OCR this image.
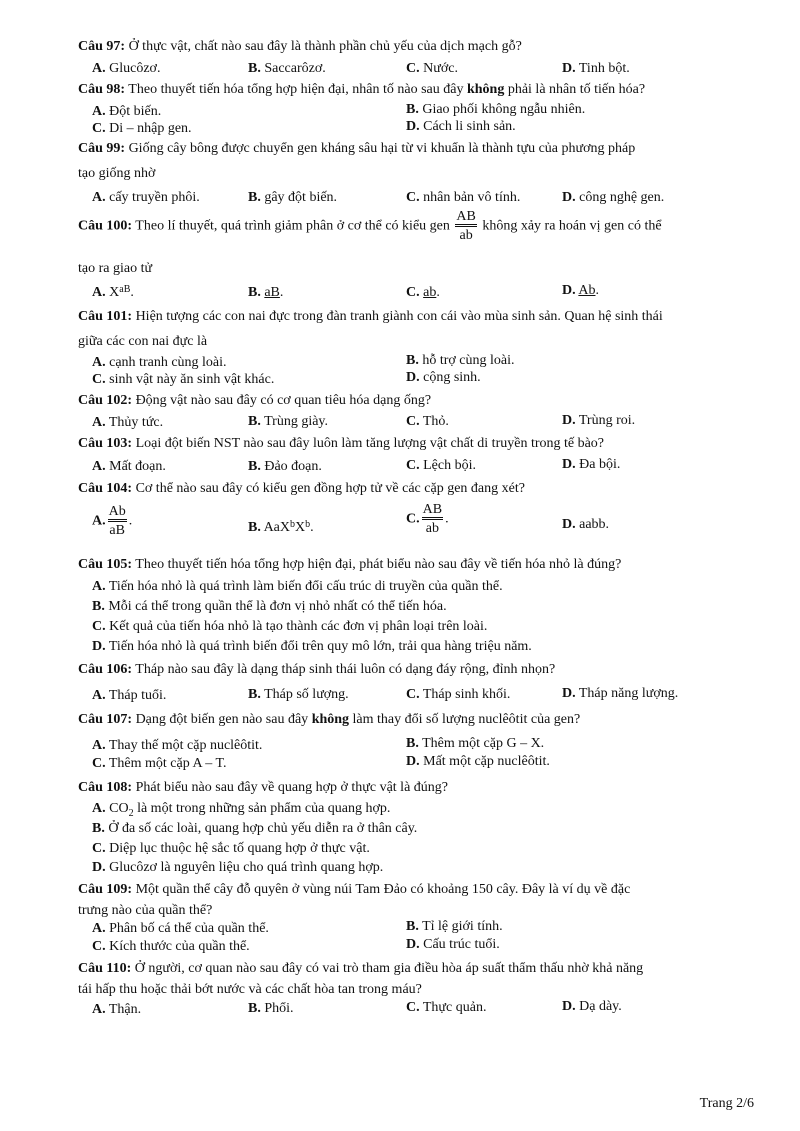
Câu 97: Ở thực vật, chất nào sau đây là thành phần chủ yếu của dịch mạch gỗ?
A. Glucôzơ.	B. Saccarôzơ.	C. Nước.	D. Tinh bột.
Câu 98: Theo thuyết tiến hóa tổng hợp hiện đại, nhân tố nào sau đây không phải là nhân tố tiến hóa?
A. Đột biến.	B. Giao phối không ngẫu nhiên.
C. Di – nhập gen.	D. Cách li sinh sản.
Câu 99: Giống cây bông được chuyển gen kháng sâu hại từ vi khuẩn là thành tựu của phương pháp
tạo giống nhờ
A. cấy truyền phôi.	B. gây đột biến.	C. nhân bản vô tính.	D. công nghệ gen.
Câu 100: Theo lí thuyết, quá trình giảm phân ở cơ thể có kiểu gen $\frac{AB}{ab}$ không xảy ra hoán vị gen có thể
tạo ra giao tử
A. $X^{aB}$.	B. aB.	C. ab.	D. Ab.
Câu 101: Hiện tượng các con nai đực trong đàn tranh giành con cái vào mùa sinh sản. Quan hệ sinh thái
giữa các con nai đực là
A. cạnh tranh cùng loài.	B. hỗ trợ cùng loài.
C. sinh vật này ăn sinh vật khác.	D. cộng sinh.
Câu 102: Động vật nào sau đây có cơ quan tiêu hóa dạng ống?
A. Thủy tức.	B. Trùng giày.	C. Thỏ.	D. Trùng roi.
Câu 103: Loại đột biến NST nào sau đây luôn làm tăng lượng vật chất di truyền trong tế bào?
A. Mất đoạn.	B. Đảo đoạn.	C. Lệch bội.	D. Đa bội.
Câu 104: Cơ thể nào sau đây có kiểu gen đồng hợp tử về các cặp gen đang xét?
A. $\frac{Ab}{aB}$ .	B. $AaX^bX^b$.
C. $\frac{AB}{ab}$ .	D. aabb.
Câu 105: Theo thuyết tiến hóa tổng hợp hiện đại, phát biểu nào sau đây về tiến hóa nhỏ là đúng?
A. Tiến hóa nhỏ là quá trình làm biến đổi cấu trúc di truyền của quần thể.
B. Mỗi cá thể trong quần thể là đơn vị nhỏ nhất có thể tiến hóa.
C. Kết quả của tiến hóa nhỏ là tạo thành các đơn vị phân loại trên loài.
D. Tiến hóa nhỏ là quá trình biến đổi trên quy mô lớn, trải qua hàng triệu năm.
Câu 106: Tháp nào sau đây là dạng tháp sinh thái luôn có dạng đáy rộng, đỉnh nhọn?
A. Tháp tuổi.	B. Tháp số lượng.	C. Tháp sinh khối.	D. Tháp năng lượng.
Câu 107: Dạng đột biến gen nào sau đây không làm thay đổi số lượng nuclêôtit của gen?
A. Thay thế một cặp nuclêôtit.	B. Thêm một cặp G – X.
C. Thêm một cặp A – T.	D. Mất một cặp nuclêôtit.
Câu 108: Phát biểu nào sau đây về quang hợp ở thực vật là đúng?
A. $CO_2$ là một trong những sản phẩm của quang hợp.
B. Ở đa số các loài, quang hợp chủ yếu diễn ra ở thân cây.
C. Diệp lục thuộc hệ sắc tố quang hợp ở thực vật.
D. Glucôzơ là nguyên liệu cho quá trình quang hợp.
Câu 109: Một quần thể cây đỗ quyên ở vùng núi Tam Đảo có khoảng 150 cây. Đây là ví dụ về đặc
trưng nào của quần thể?
A. Phân bố cá thể của quần thể.	B. Tỉ lệ giới tính.
C. Kích thước của quần thể.	D. Cấu trúc tuổi.
Câu 110: Ở người, cơ quan nào sau đây có vai trò tham gia điều hòa áp suất thẩm thấu nhờ khả năng
tái hấp thu hoặc thải bớt nước và các chất hòa tan trong máu?
A. Thận.	B. Phổi.	C. Thực quản.	D. Dạ dày.
Trang 2/6
